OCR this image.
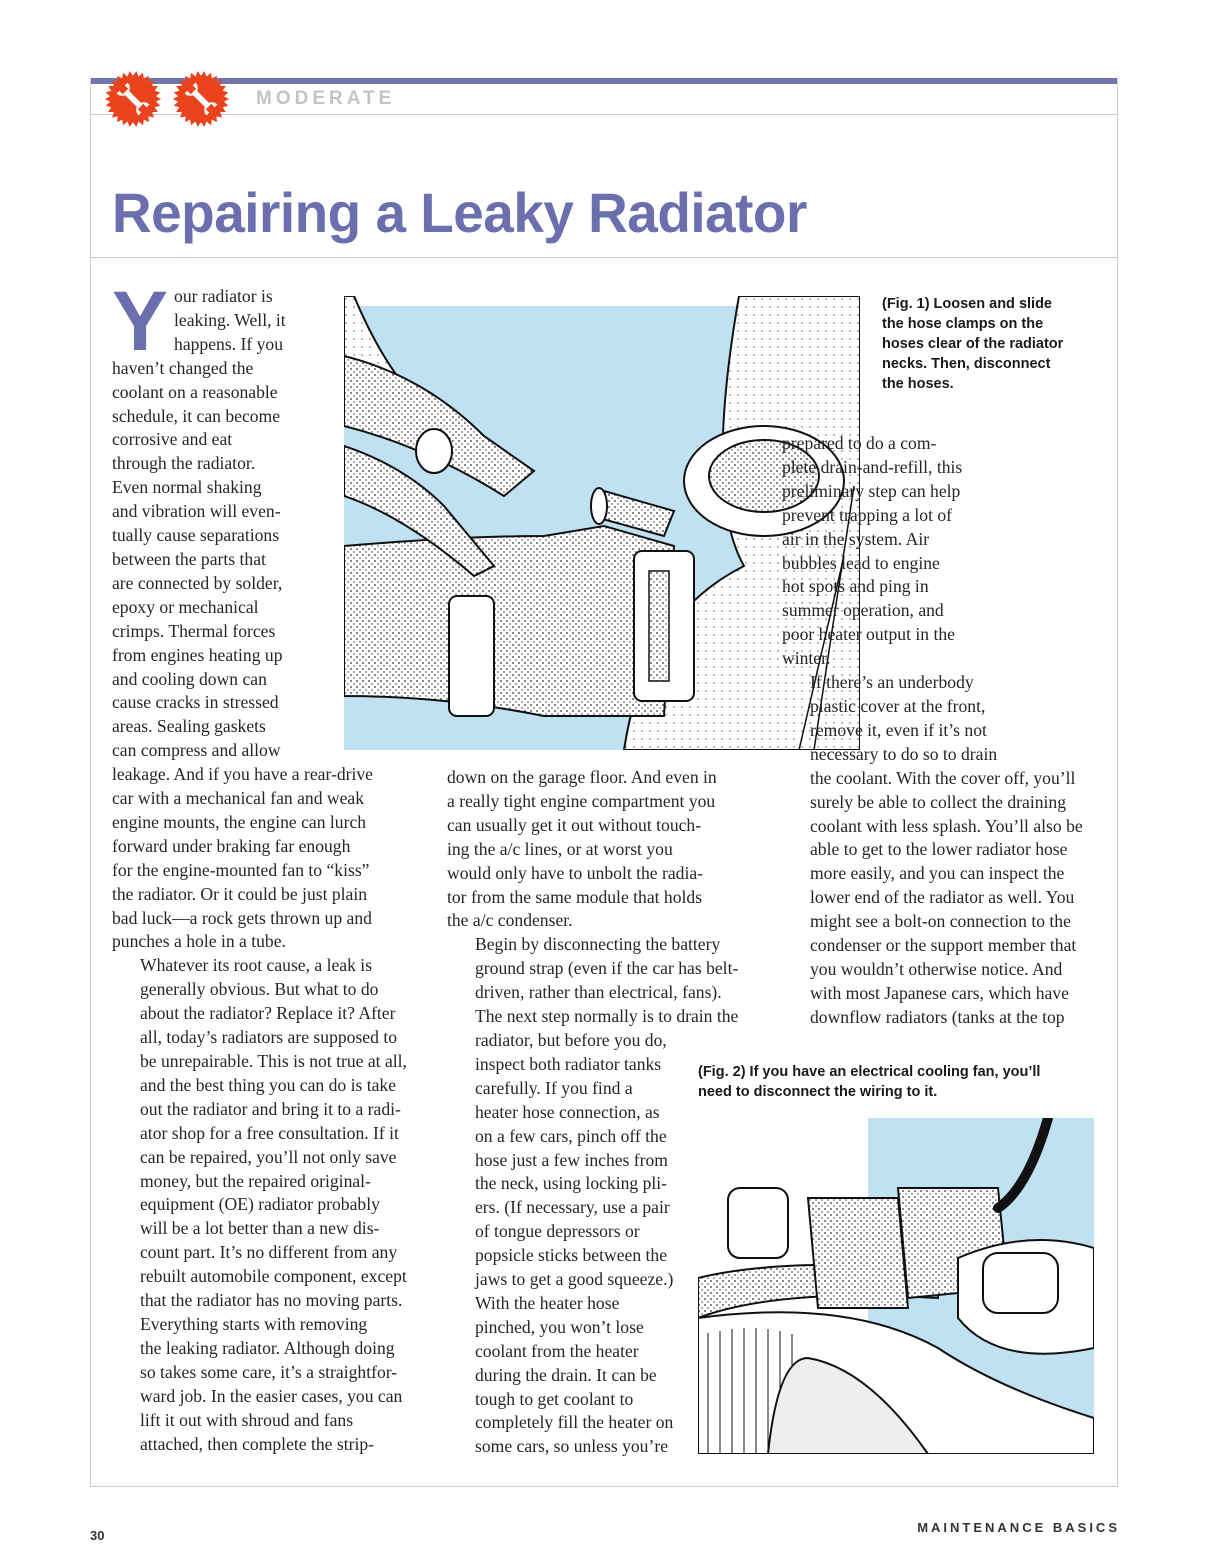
MODERATE
Repairing a Leaky Radiator

Y our radiator is
leaking. Well, it
happens. If you
haven’t changed the
coolant on a reasonable
schedule, it can become
corrosive and eat
through the radiator.
Even normal shaking
and vibration will even-
tually cause separations
between the parts that
are connected by solder,
epoxy or mechanical
crimps. Thermal forces
from engines heating up
and cooling down can
cause cracks in stressed
areas. Sealing gaskets
can compress and allow
leakage. And if you have a rear-drive
car with a mechanical fan and weak
engine mounts, the engine can lurch
forward under braking far enough
for the engine-mounted fan to “kiss”
the radiator. Or it could be just plain
bad luck—a rock gets thrown up and
punches a hole in a tube.

Whatever its root cause, a leak is
generally obvious. But what to do
about the radiator? Replace it? After
all, today’s radiators are supposed to
be unrepairable. This is not true at all,
and the best thing you can do is take
out the radiator and bring it to a radi-
ator shop for a free consultation. If it
can be repaired, you’ll not only save
money, but the repaired original-
equipment (OE) radiator probably
will be a lot better than a new dis-
count part. It’s no different from any
rebuilt automobile component, except
that the radiator has no moving parts.

Everything starts with removing
the leaking radiator. Although doing
so takes some care, it’s a straightfor-
ward job. In the easier cases, you can
lift it out with shroud and fans
attached, then complete the strip-

(Fig. 1) Loosen and slide
the hose clamps on the
hoses clear of the radiator
necks. Then, disconnect
the hoses.

down on the garage floor. And even in
a really tight engine compartment you
can usually get it out without touch-
ing the a/c lines, or at worst you
would only have to unbolt the radia-
tor from the same module that holds
the a/c condenser.

Begin by disconnecting the battery
ground strap (even if the car has belt-
driven, rather than electrical, fans).
The next step normally is to drain the
radiator, but before you do,
inspect both radiator tanks
carefully. If you find a
heater hose connection, as
on a few cars, pinch off the
hose just a few inches from
the neck, using locking pli-
ers. (If necessary, use a pair
of tongue depressors or
popsicle sticks between the
jaws to get a good squeeze.)
With the heater hose
pinched, you won’t lose
coolant from the heater
during the drain. It can be
tough to get coolant to
completely fill the heater on
some cars, so unless you’re

prepared to do a com-
plete drain-and-refill, this
preliminary step can help
prevent trapping a lot of
air in the system. Air
bubbles lead to engine
hot spots and ping in
summer operation, and
poor heater output in the
winter.

If there’s an underbody
plastic cover at the front,
remove it, even if it’s not
necessary to do so to drain
the coolant. With the cover off, you’ll
surely be able to collect the draining
coolant with less splash. You’ll also be
able to get to the lower radiator hose
more easily, and you can inspect the
lower end of the radiator as well. You
might see a bolt-on connection to the
condenser or the support member that
you wouldn’t otherwise notice. And
with most Japanese cars, which have
downflow radiators (tanks at the top

(Fig. 2) If you have an electrical cooling fan, you’ll
need to disconnect the wiring to it.
30
MAINTENANCE BASICS
